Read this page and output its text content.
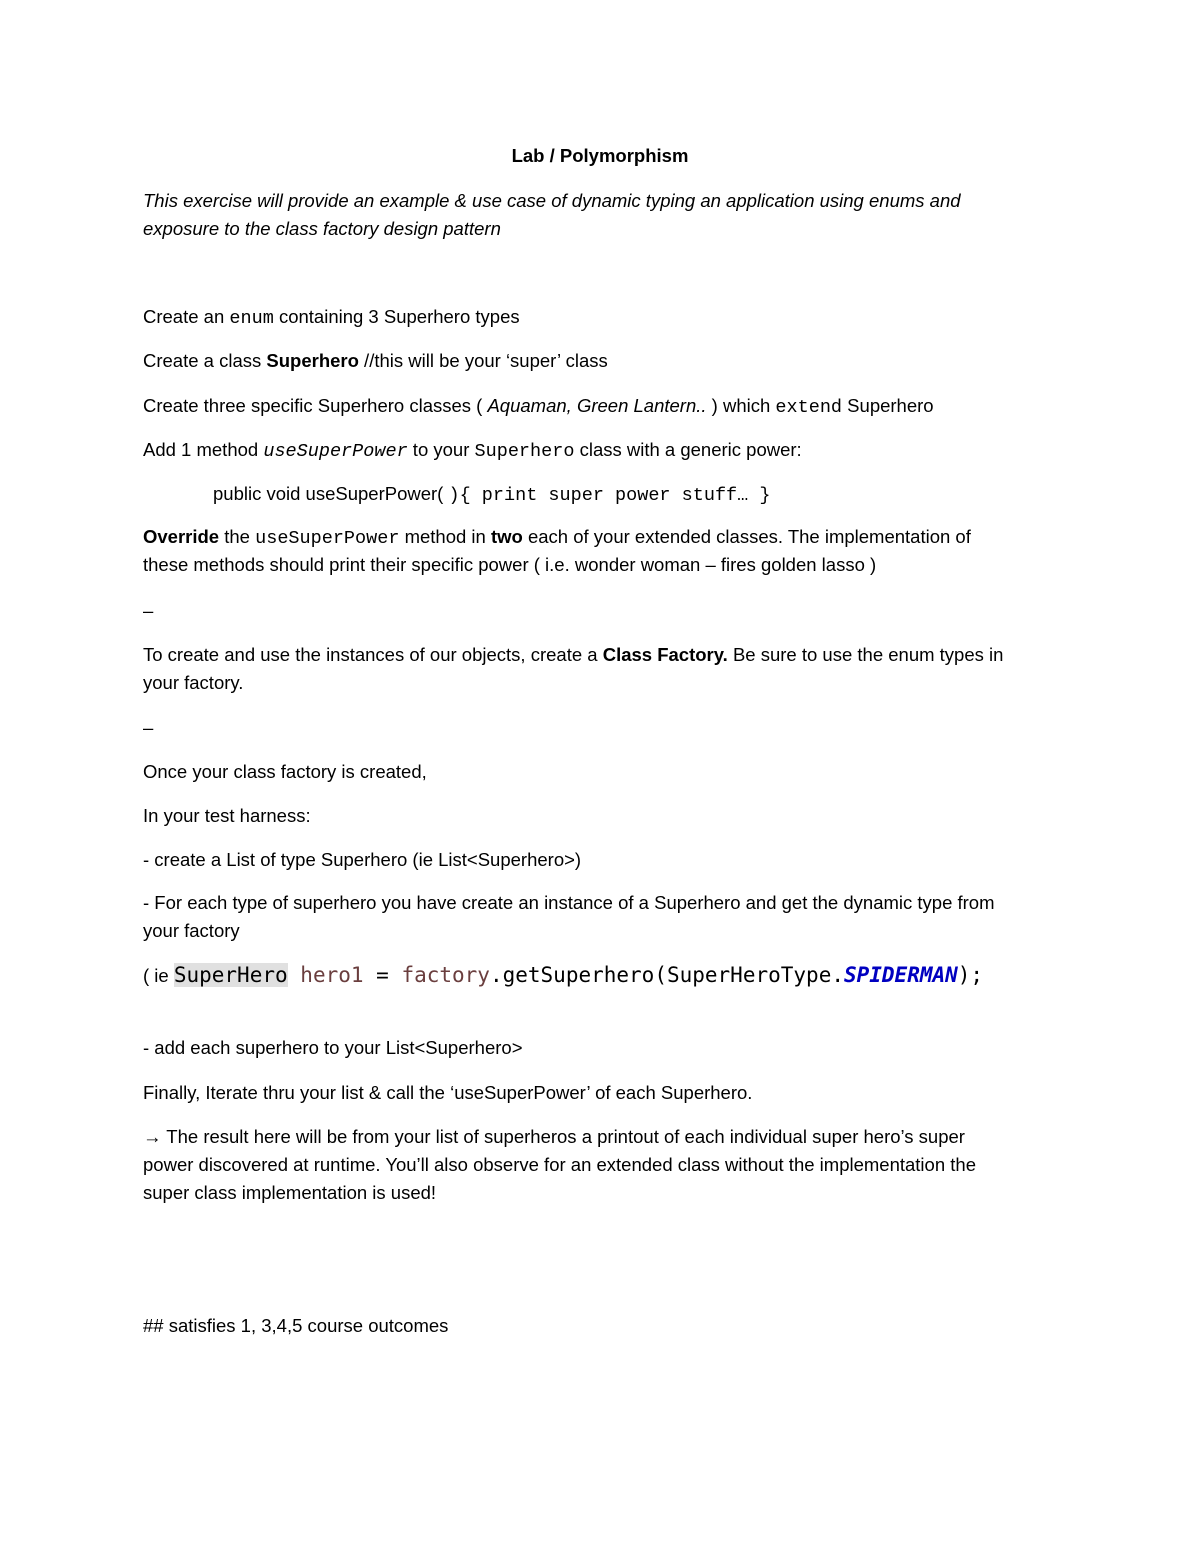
Lab / Polymorphism
This exercise will provide an example & use case of dynamic typing an application using enums and
exposure to the class factory design pattern
Create an enum containing 3 Superhero types
Create a class Superhero //this will be your ‘super’ class
Create three specific Superhero classes ( Aquaman, Green Lantern.. ) which extend Superhero
Add 1 method useSuperPower to your Superhero class with a generic power:
public void useSuperPower( ){ print super power stuff… }
Override the useSuperPower method in two each of your extended classes. The implementation of
these methods should print their specific power ( i.e. wonder woman – fires golden lasso )
–
To create and use the instances of our objects, create a Class Factory. Be sure to use the enum types in
your factory.
–
Once your class factory is created,
In your test harness:
- create a List of type Superhero (ie List<Superhero>)
- For each type of superhero you have create an instance of a Superhero and get the dynamic type from
your factory
( ie SuperHero hero1 = factory.getSuperhero(SuperHeroType.SPIDERMAN);
- add each superhero to your List<Superhero>
Finally, Iterate thru your list & call the ‘useSuperPower’ of each Superhero.
→ The result here will be from your list of superheros a printout of each individual super hero’s super
power discovered at runtime. You’ll also observe for an extended class without the implementation the
super class implementation is used!
## satisfies 1, 3,4,5 course outcomes
